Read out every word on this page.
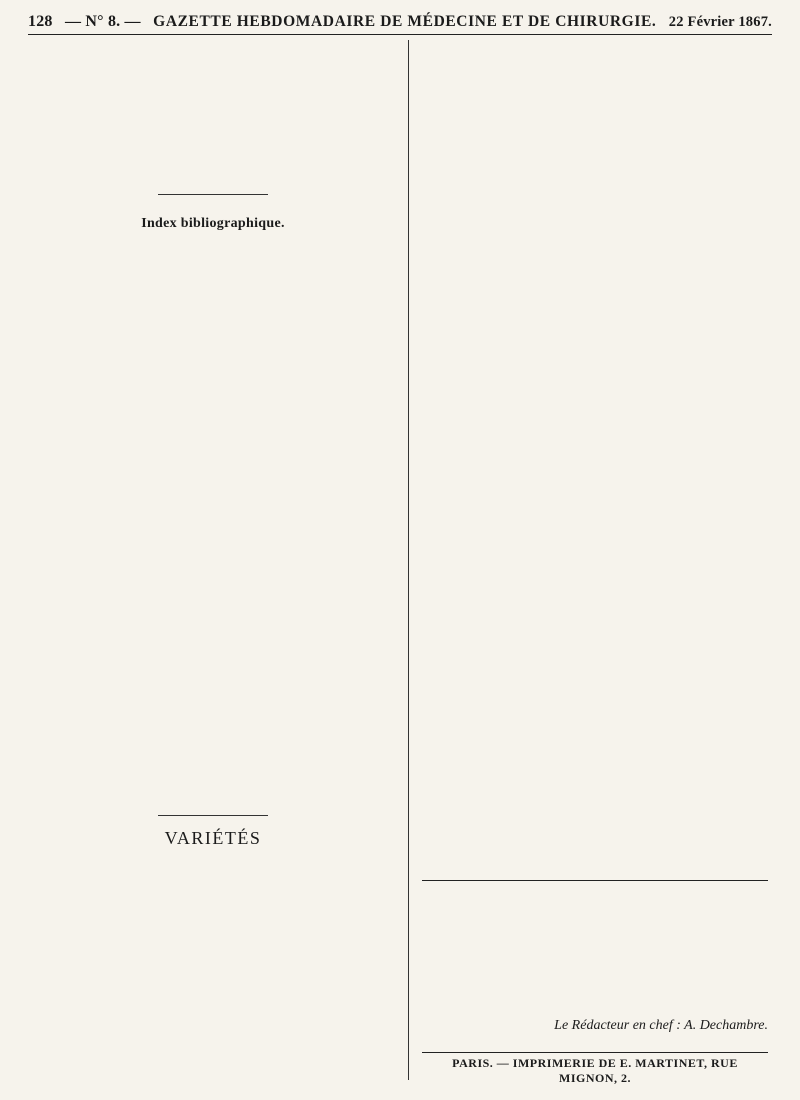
128 — N° 8. — GAZETTE HEBDOMADAIRE DE MÉDECINE ET DE CHIRURGIE. 22 Février 1867.
Index bibliographique.
VARIÉTÉS
Le Rédacteur en chef : A. Dechambre.
PARIS. — IMPRIMERIE DE E. MARTINET, RUE MIGNON, 2.
